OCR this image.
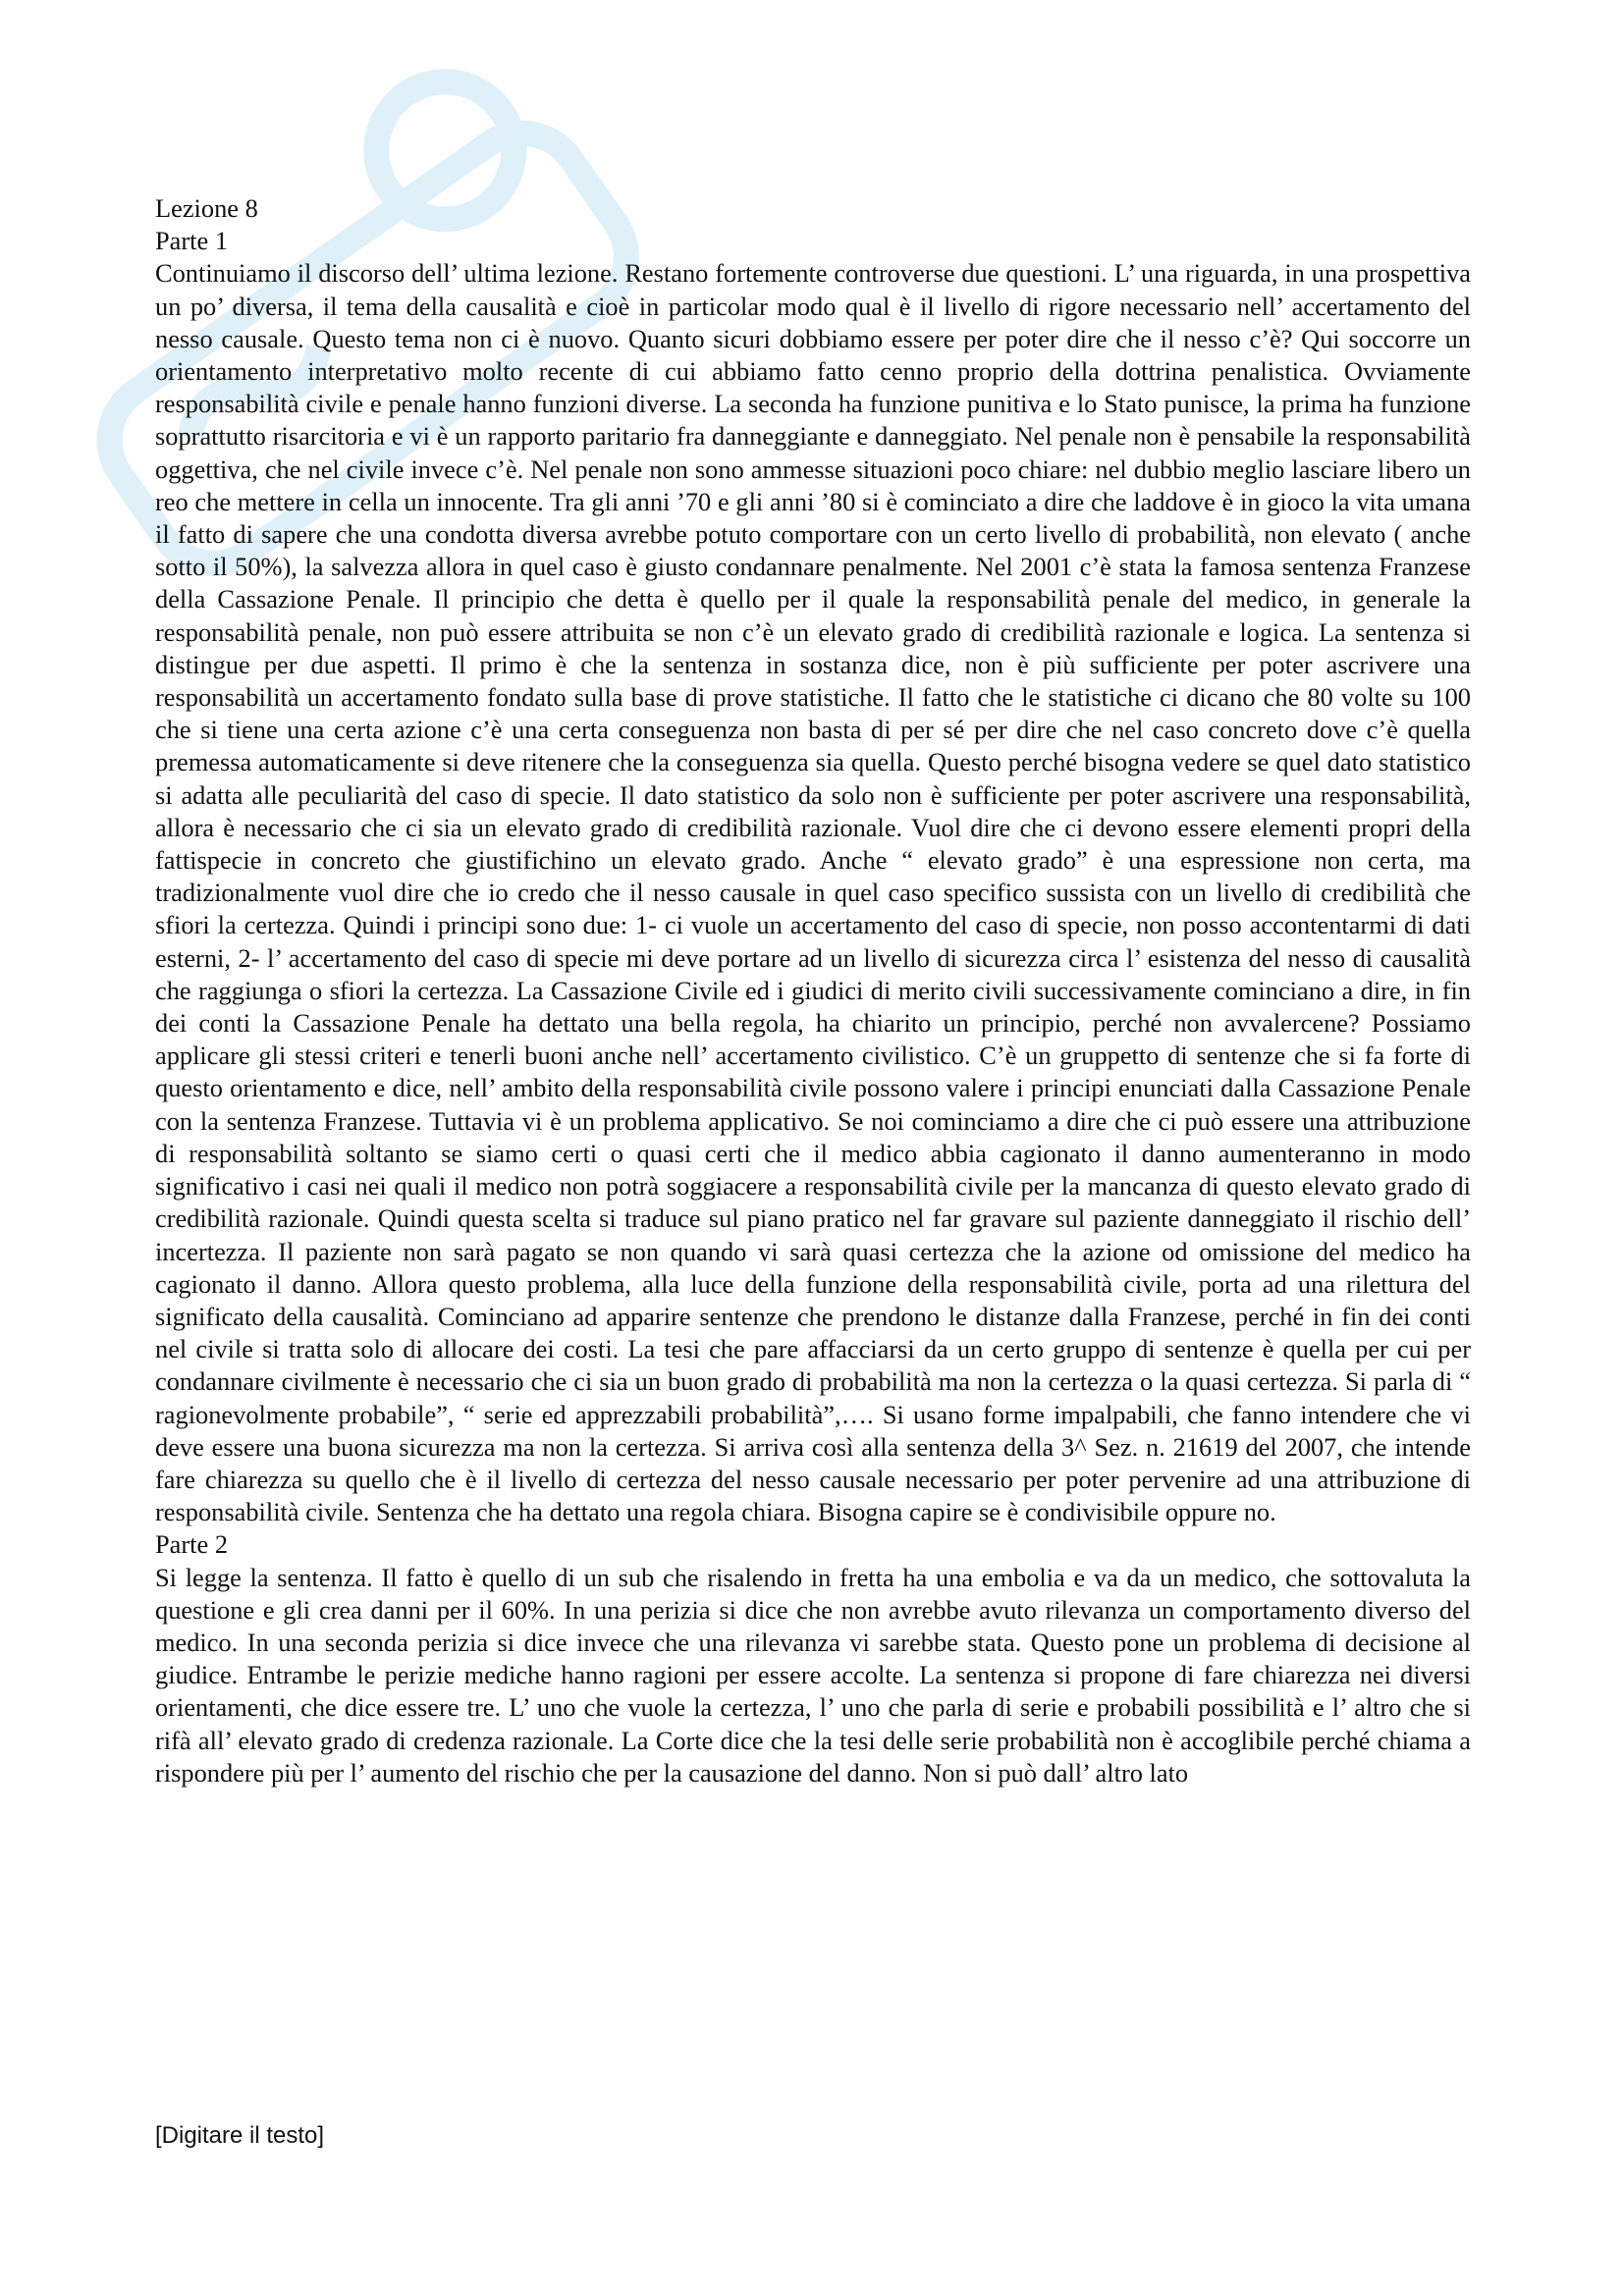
Lezione 8
Parte 1

Continuiamo il discorso dell’ ultima lezione. Restano fortemente controverse due questioni. L’ una riguarda, in una prospettiva un po’ diversa, il tema della causalità e cioè in particolar modo qual è il livello di rigore necessario nell’ accertamento del nesso causale. Questo tema non ci è nuovo. Quanto sicuri dobbiamo essere per poter dire che il nesso c’è? Qui soccorre un orientamento interpretativo molto recente di cui abbiamo fatto cenno proprio della dottrina penalistica. Ovviamente responsabilità civile e penale hanno funzioni diverse. La seconda ha funzione punitiva e lo Stato punisce, la prima ha funzione soprattutto risarcitoria e vi è un rapporto paritario fra danneggiante e danneggiato. Nel penale non è pensabile la responsabilità oggettiva, che nel civile invece c’è. Nel penale non sono ammesse situazioni poco chiare: nel dubbio meglio lasciare libero un reo che mettere in cella un innocente. Tra gli anni ’70 e gli anni ’80 si è cominciato a dire che laddove è in gioco la vita umana il fatto di sapere che una condotta diversa avrebbe potuto comportare con un certo livello di probabilità, non elevato ( anche sotto il 50%), la salvezza allora in quel caso è giusto condannare penalmente. Nel 2001 c’è stata la famosa sentenza Franzese della Cassazione Penale. Il principio che detta è quello per il quale la responsabilità penale del medico, in generale la responsabilità penale, non può essere attribuita se non c’è un elevato grado di credibilità razionale e logica. La sentenza si distingue per due aspetti. Il primo è che la sentenza in sostanza dice, non è più sufficiente per poter ascrivere una responsabilità un accertamento fondato sulla base di prove statistiche. Il fatto che le statistiche ci dicano che 80 volte su 100 che si tiene una certa azione c’è una certa conseguenza non basta di per sé per dire che nel caso concreto dove c’è quella premessa automaticamente si deve ritenere che la conseguenza sia quella. Questo perché bisogna vedere se quel dato statistico si adatta alle peculiarità del caso di specie. Il dato statistico da solo non è sufficiente per poter ascrivere una responsabilità, allora è necessario che ci sia un elevato grado di credibilità razionale. Vuol dire che ci devono essere elementi propri della fattispecie in concreto che giustifichino un elevato grado. Anche “ elevato grado” è una espressione non certa, ma tradizionalmente vuol dire che io credo che il nesso causale in quel caso specifico sussista con un livello di credibilità che sfiori la certezza. Quindi i principi sono due: 1- ci vuole un accertamento del caso di specie, non posso accontentarmi di dati esterni, 2- l’ accertamento del caso di specie mi deve portare ad un livello di sicurezza circa l’ esistenza del nesso di causalità che raggiunga o sfiori la certezza. La Cassazione Civile ed i giudici di merito civili successivamente cominciano a dire, in fin dei conti la Cassazione Penale ha dettato una bella regola, ha chiarito un principio, perché non avvalercene? Possiamo applicare gli stessi criteri e tenerli buoni anche nell’ accertamento civilistico. C’è un gruppetto di sentenze che si fa forte di questo orientamento e dice, nell’ ambito della responsabilità civile possono valere i principi enunciati dalla Cassazione Penale con la sentenza Franzese. Tuttavia vi è un problema applicativo. Se noi cominciamo a dire che ci può essere una attribuzione di responsabilità soltanto se siamo certi o quasi certi che il medico abbia cagionato il danno aumenteranno in modo significativo i casi nei quali il medico non potrà soggiacere a responsabilità civile per la mancanza di questo elevato grado di credibilità razionale. Quindi questa scelta si traduce sul piano pratico nel far gravare sul paziente danneggiato il rischio dell’ incertezza. Il paziente non sarà pagato se non quando vi sarà quasi certezza che la azione od omissione del medico ha cagionato il danno. Allora questo problema, alla luce della funzione della responsabilità civile, porta ad una rilettura del significato della causalità. Cominciano ad apparire sentenze che prendono le distanze dalla Franzese, perché in fin dei conti nel civile si tratta solo di allocare dei costi. La tesi che pare affacciarsi da un certo gruppo di sentenze è quella per cui per condannare civilmente è necessario che ci sia un buon grado di probabilità ma non la certezza o la quasi certezza. Si parla di “ ragionevolmente probabile”, “ serie ed apprezzabili probabilità”,…. Si usano forme impalpabili, che fanno intendere che vi deve essere una buona sicurezza ma non la certezza. Si arriva così alla sentenza della 3^ Sez. n. 21619 del 2007, che intende fare chiarezza su quello che è il livello di certezza del nesso causale necessario per poter pervenire ad una attribuzione di responsabilità civile. Sentenza che ha dettato una regola chiara. Bisogna capire se è condivisibile oppure no.

Parte 2

Si legge la sentenza. Il fatto è quello di un sub che risalendo in fretta ha una embolia e va da un medico, che sottovaluta la questione e gli crea danni per il 60%. In una perizia si dice che non avrebbe avuto rilevanza un comportamento diverso del medico. In una seconda perizia si dice invece che una rilevanza vi sarebbe stata. Questo pone un problema di decisione al giudice. Entrambe le perizie mediche hanno ragioni per essere accolte. La sentenza si propone di fare chiarezza nei diversi orientamenti, che dice essere tre. L’ uno che vuole la certezza, l’ uno che parla di serie e probabili possibilità e l’ altro che si rifà all’ elevato grado di credenza razionale. La Corte dice che la tesi delle serie probabilità non è accoglibile perché chiama a rispondere più per l’ aumento del rischio che per la causazione del danno. Non si può dall’ altro lato

[Digitare il testo]
